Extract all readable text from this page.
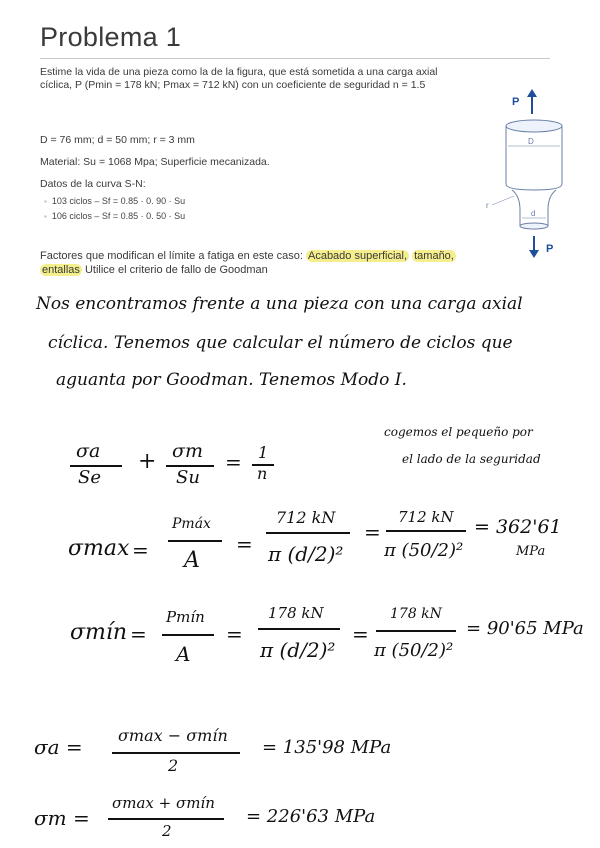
Problema 1
Estime la vida de una pieza como la de la figura, que está sometida a una carga axial cíclica, P (Pmin = 178 kN; Pmax = 712 kN) con un coeficiente de seguridad n = 1.5
D = 76 mm; d = 50 mm; r = 3 mm
Material: Su = 1068 Mpa; Superficie mecanizada.
Datos de la curva S-N:
▪ 103 ciclos – Sf = 0.85 · 0. 90 · Su
▪ 106 ciclos – Sf = 0.85 · 0. 50 · Su
Factores que modifican el límite a fatiga en este caso: Acabado superficial, tamaño, entallas Utilice el criterio de fallo de Goodman
P
D
d
r
P
Nos encontramos frente a una pieza con una carga axial
cíclica. Tenemos que calcular el número de ciclos que
aguanta por Goodman. Tenemos Modo I.
cogemos el pequeño por
el lado de la seguridad
σa
Se
+ σm
Su
= 1
n
σmax =
Pmáx
A
=
712 kN
π (d/2)²
=
712 kN
π (50/2)²
= 362'61
MPa
σmín =
Pmín
A
=
178 kN
π (d/2)²
=
178 kN
π (50/2)²
= 90'65 MPa
σa = σmax − σmín
2
= 135'98 MPa
σm =
σmax + σmín
2
= 226'63 MPa
